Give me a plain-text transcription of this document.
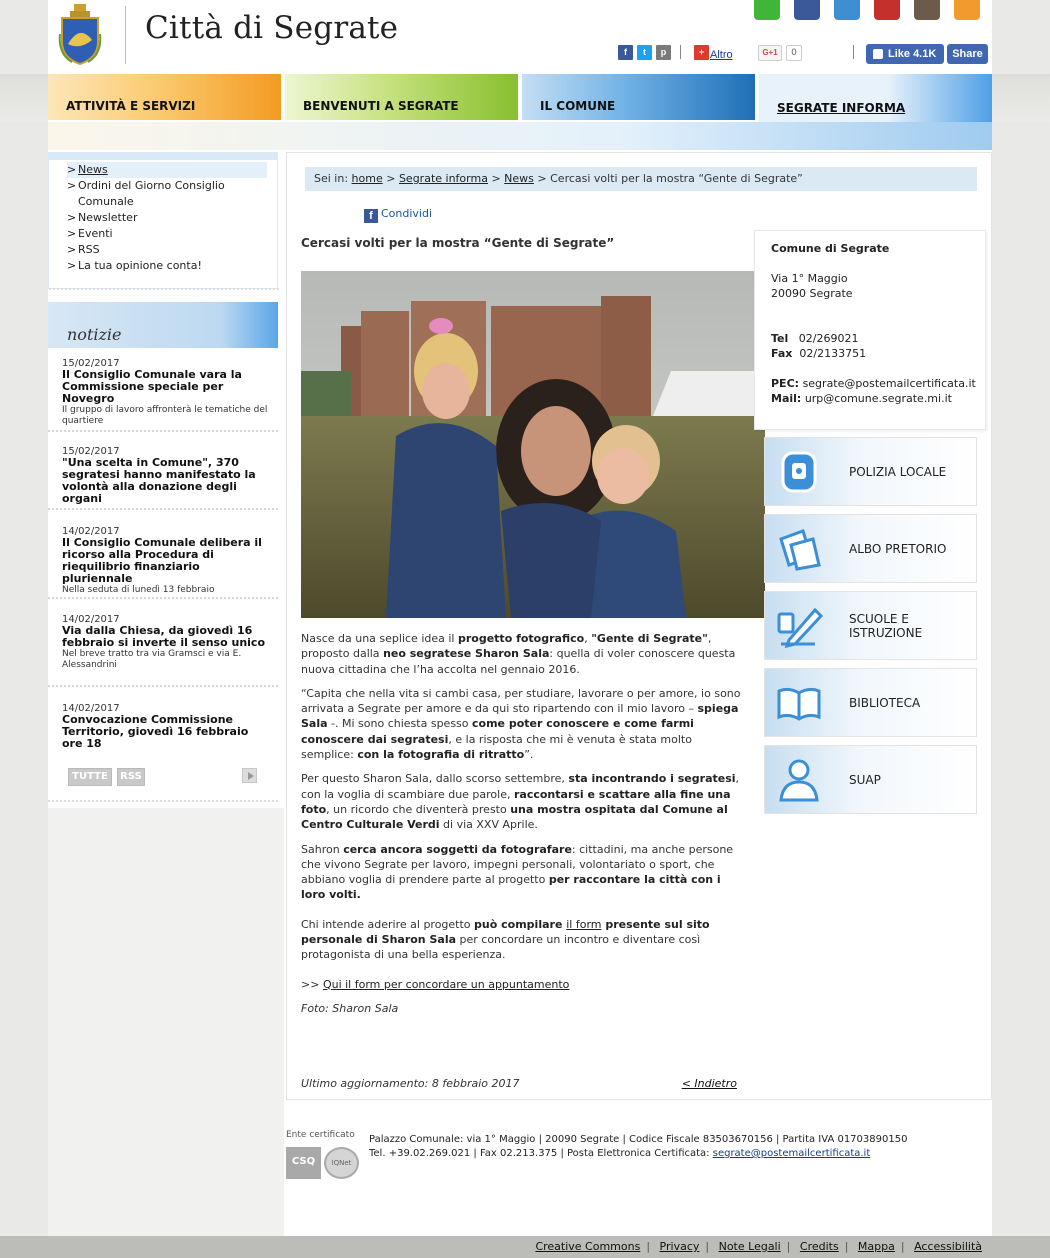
Città di Segrate
f	t	p	+ Altro	G+1	0	Like 4.1K	Share
ATTIVITÀ E SERVIZI	BENVENUTI A SEGRATE	IL COMUNE	SEGRATE INFORMA
> News
> Ordini del Giorno Consiglio Comunale
> Newsletter
> Eventi
> RSS
> La tua opinione conta!
notizie
15/02/2017
Il Consiglio Comunale vara la Commissione speciale per Novegro
Il gruppo di lavoro affronterà le tematiche del quartiere
15/02/2017
"Una scelta in Comune", 370 segratesi hanno manifestato la volontà alla donazione degli organi
14/02/2017
Il Consiglio Comunale delibera il ricorso alla Procedura di riequilibrio finanziario pluriennale
Nella seduta di lunedì 13 febbraio
14/02/2017
Via dalla Chiesa, da giovedì 16 febbraio si inverte il senso unico
Nel breve tratto tra via Gramsci e via E. Alessandrini
14/02/2017
Convocazione Commissione Territorio, giovedì 16 febbraio ore 18
TUTTE	RSS
Sei in: home > Segrate informa > News > Cercasi volti per la mostra “Gente di Segrate”
f Condividi
Cercasi volti per la mostra “Gente di Segrate”

Nasce da una seplice idea il progetto fotografico, "Gente di Segrate", proposto dalla neo segratese Sharon Sala: quella di voler conoscere questa nuova cittadina che l’ha accolta nel gennaio 2016.

“Capita che nella vita si cambi casa, per studiare, lavorare o per amore, io sono arrivata a Segrate per amore e da qui sto ripartendo con il mio lavoro – spiega Sala -. Mi sono chiesta spesso come poter conoscere e come farmi conoscere dai segratesi, e la risposta che mi è venuta è stata molto semplice: con la fotografia di ritratto”.

Per questo Sharon Sala, dallo scorso settembre, sta incontrando i segratesi, con la voglia di scambiare due parole, raccontarsi e scattare alla fine una foto, un ricordo che diventerà presto una mostra ospitata dal Comune al Centro Culturale Verdi di via XXV Aprile.

Sahron cerca ancora soggetti da fotografare: cittadini, ma anche persone che vivono Segrate per lavoro, impegni personali, volontariato o sport, che abbiano voglia di prendere parte al progetto per raccontare la città con i loro volti.

Chi intende aderire al progetto può compilare il form presente sul sito personale di Sharon Sala per concordare un incontro e diventare così protagonista di una bella esperienza.

>> Qui il form per concordare un appuntamento

Foto: Sharon Sala

Ultimo aggiornamento: 8 febbraio 2017	< Indietro
Comune di Segrate
Via 1° Maggio
20090 Segrate
Tel 02/269021
Fax 02/2133751
PEC: segrate@postemailcertificata.it
Mail: urp@comune.segrate.mi.it
POLIZIA LOCALE
ALBO PRETORIO
SCUOLE E ISTRUZIONE
BIBLIOTECA
SUAP
Ente certificato
CSQ	IQNet
Palazzo Comunale: via 1° Maggio | 20090 Segrate | Codice Fiscale 83503670156 | Partita IVA 01703890150
Tel. +39.02.269.021 | Fax 02.213.375 | Posta Elettronica Certificata: segrate@postemailcertificata.it
Creative Commons | Privacy | Note Legali | Credits | Mappa | Accessibilità
